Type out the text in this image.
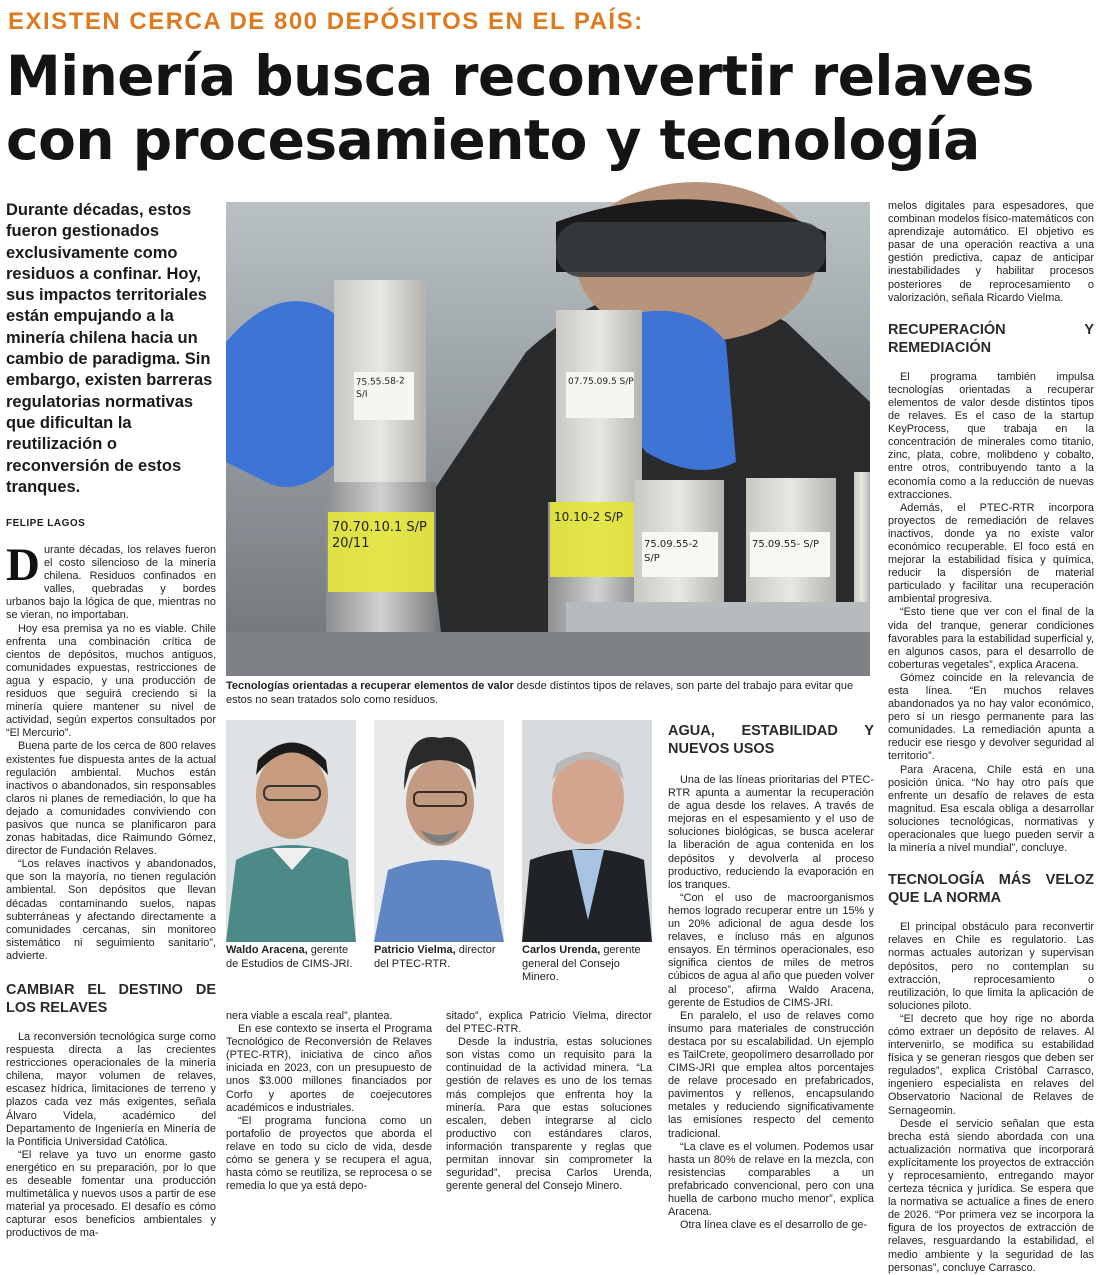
EXISTEN CERCA DE 800 DEPÓSITOS EN EL PAÍS:
Minería busca reconvertir relaves con procesamiento y tecnología
Durante décadas, estos fueron gestionados exclusivamente como residuos a confinar. Hoy, sus impactos territoriales están empujando a la minería chilena hacia un cambio de paradigma. Sin embargo, existen barreras regulatorias normativas que dificultan la reutilización o reconversión de estos tranques.
FELIPE LAGOS

Durante décadas, los relaves fueron el costo silencioso de la minería chilena. Residuos confinados en valles, quebradas y bordes urbanos bajo la lógica de que, mientras no se vieran, no importaban.

Hoy esa premisa ya no es viable. Chile enfrenta una combinación crítica de cientos de depósitos, muchos antiguos, comunidades expuestas, restricciones de agua y espacio, y una producción de residuos que seguirá creciendo si la minería quiere mantener su nivel de actividad, según expertos consultados por “El Mercurio”.

Buena parte de los cerca de 800 relaves existentes fue dispuesta antes de la actual regulación ambiental. Muchos están inactivos o abandonados, sin responsables claros ni planes de remediación, lo que ha dejado a comunidades conviviendo con pasivos que nunca se planificaron para zonas habitadas, dice Raimundo Gómez, director de Fundación Relaves.

“Los relaves inactivos y abandonados, que son la mayoría, no tienen regulación ambiental. Son depósitos que llevan décadas contaminando suelos, napas subterráneas y afectando directamente a comunidades cercanas, sin monitoreo sistemático ni seguimiento sanitario”, advierte.

CAMBIAR EL DESTINO DE LOS RELAVES

La reconversión tecnológica surge como respuesta directa a las crecientes restricciones operacionales de la minería chilena, mayor volumen de relaves, escasez hídrica, limitaciones de terreno y plazos cada vez más exigentes, señala Álvaro Videla, académico del Departamento de Ingeniería en Minería de la Pontificia Universidad Católica.

“El relave ya tuvo un enorme gasto energético en su preparación, por lo que es deseable fomentar una producción multimetálica y nuevos usos a partir de ese material ya procesado. El desafío es cómo capturar esos beneficios ambientales y productivos de ma-

75.55.58-2 S/I
07.75.09.5 S/P
70.70.10.1 S/P 20/11
10.10-2 S/P
75.09.55-2 S/P
75.09.55- S/P
Tecnologías orientadas a recuperar elementos de valor desde distintos tipos de relaves, son parte del trabajo para evitar que estos no sean tratados solo como residuos.
Waldo Aracena, gerente de Estudios de CIMS-JRI.
Patricio Vielma, director del PTEC-RTR.
Carlos Urenda, gerente general del Consejo Minero.

nera viable a escala real”, plantea.

En ese contexto se inserta el Programa Tecnológico de Reconversión de Relaves (PTEC-RTR), iniciativa de cinco años iniciada en 2023, con un presupuesto de unos $3.000 millones financiados por Corfo y aportes de coejecutores académicos e industriales.

“El programa funciona como un portafolio de proyectos que aborda el relave en todo su ciclo de vida, desde cómo se genera y se recupera el agua, hasta cómo se reutiliza, se reprocesa o se remedia lo que ya está depo-

sitado”, explica Patricio Vielma, director del PTEC-RTR.

Desde la industria, estas soluciones son vistas como un requisito para la continuidad de la actividad minera. “La gestión de relaves es uno de los temas más complejos que enfrenta hoy la minería. Para que estas soluciones escalen, deben integrarse al ciclo productivo con estándares claros, información transparente y reglas que permitan innovar sin comprometer la seguridad”, precisa Carlos Urenda, gerente general del Consejo Minero.

AGUA, ESTABILIDAD Y NUEVOS USOS

Una de las líneas prioritarias del PTEC-RTR apunta a aumentar la recuperación de agua desde los relaves. A través de mejoras en el espesamiento y el uso de soluciones biológicas, se busca acelerar la liberación de agua contenida en los depósitos y devolverla al proceso productivo, reduciendo la evaporación en los tranques.

“Con el uso de macroorganismos hemos logrado recuperar entre un 15% y un 20% adicional de agua desde los relaves, e incluso más en algunos ensayos. En términos operacionales, eso significa cientos de miles de metros cúbicos de agua al año que pueden volver al proceso”, afirma Waldo Aracena, gerente de Estudios de CIMS-JRI.

En paralelo, el uso de relaves como insumo para materiales de construcción destaca por su escalabilidad. Un ejemplo es TailCrete, geopolímero desarrollado por CIMS-JRI que emplea altos porcentajes de relave procesado en prefabricados, pavimentos y rellenos, encapsulando metales y reduciendo significativamente las emisiones respecto del cemento tradicional.

“La clave es el volumen. Podemos usar hasta un 80% de relave en la mezcla, con resistencias comparables a un prefabricado convencional, pero con una huella de carbono mucho menor”, explica Aracena.

Otra línea clave es el desarrollo de ge-

melos digitales para espesadores, que combinan modelos físico-matemáticos con aprendizaje automático. El objetivo es pasar de una operación reactiva a una gestión predictiva, capaz de anticipar inestabilidades y habilitar procesos posteriores de reprocesamiento o valorización, señala Ricardo Vielma.

RECUPERACIÓN Y REMEDIACIÓN

El programa también impulsa tecnologías orientadas a recuperar elementos de valor desde distintos tipos de relaves. Es el caso de la startup KeyProcess, que trabaja en la concentración de minerales como titanio, zinc, plata, cobre, molibdeno y cobalto, entre otros, contribuyendo tanto a la economía como a la reducción de nuevas extracciones.

Además, el PTEC-RTR incorpora proyectos de remediación de relaves inactivos, donde ya no existe valor económico recuperable. El foco está en mejorar la estabilidad física y química, reducir la dispersión de material particulado y facilitar una recuperación ambiental progresiva.

“Esto tiene que ver con el final de la vida del tranque, generar condiciones favorables para la estabilidad superficial y, en algunos casos, para el desarrollo de coberturas vegetales”, explica Aracena.

Gómez coincide en la relevancia de esta línea. “En muchos relaves abandonados ya no hay valor económico, pero sí un riesgo permanente para las comunidades. La remediación apunta a reducir ese riesgo y devolver seguridad al territorio”.

Para Aracena, Chile está en una posición única. “No hay otro país que enfrente un desafío de relaves de esta magnitud. Esa escala obliga a desarrollar soluciones tecnológicas, normativas y operacionales que luego pueden servir a la minería a nivel mundial”, concluye.

TECNOLOGÍA MÁS VELOZ QUE LA NORMA

El principal obstáculo para reconvertir relaves en Chile es regulatorio. Las normas actuales autorizan y supervisan depósitos, pero no contemplan su extracción, reprocesamiento o reutilización, lo que limita la aplicación de soluciones piloto.

“El decreto que hoy rige no aborda cómo extraer un depósito de relaves. Al intervenirlo, se modifica su estabilidad física y se generan riesgos que deben ser regulados”, explica Cristóbal Carrasco, ingeniero especialista en relaves del Observatorio Nacional de Relaves de Sernageomin.

Desde el servicio señalan que esta brecha está siendo abordada con una actualización normativa que incorporará explícitamente los proyectos de extracción y reprocesamiento, entregando mayor certeza técnica y jurídica. Se espera que la normativa se actualice a fines de enero de 2026. “Por primera vez se incorpora la figura de los proyectos de extracción de relaves, resguardando la estabilidad, el medio ambiente y la seguridad de las personas”, concluye Carrasco.
